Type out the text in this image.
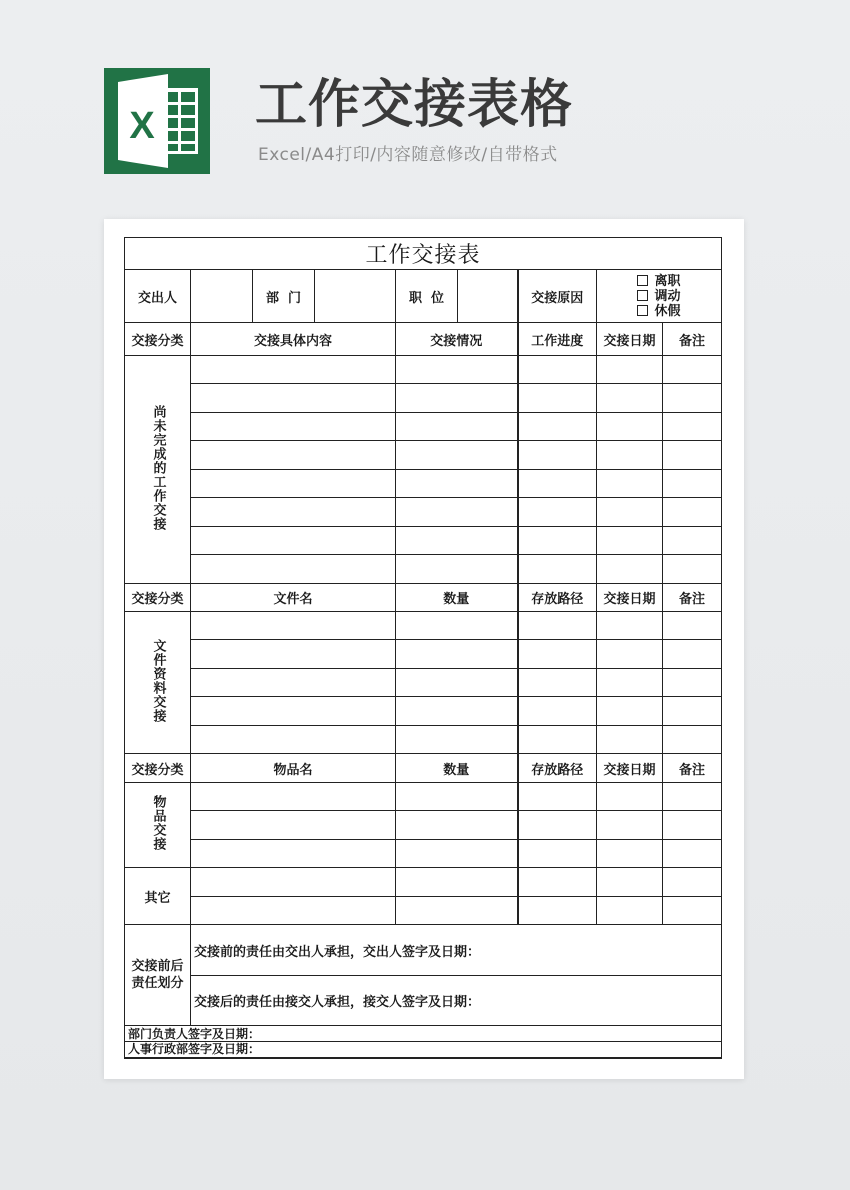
X 工作交接表格
Excel/A4打印/内容随意修改/自带格式
工作交接表								
交出人		部  门		职  位		交接原因	离职
调动
休假	

交接分类	交接具体内容			交接情况		工作进度	交接日期	备注
尚未完成的工作交接								

交接分类	文件名			数量		存放路径	交接日期	备注
文件资料交接								

交接分类	物品名			数量		存放路径	交接日期	备注
物品交接								

其它								

交接前后责任划分	交接前的责任由交出人承担，交出人签字及日期：							
	交接后的责任由接交人承担，接交人签字及日期：							
部门负责人签字及日期：								
人事行政部签字及日期：								
